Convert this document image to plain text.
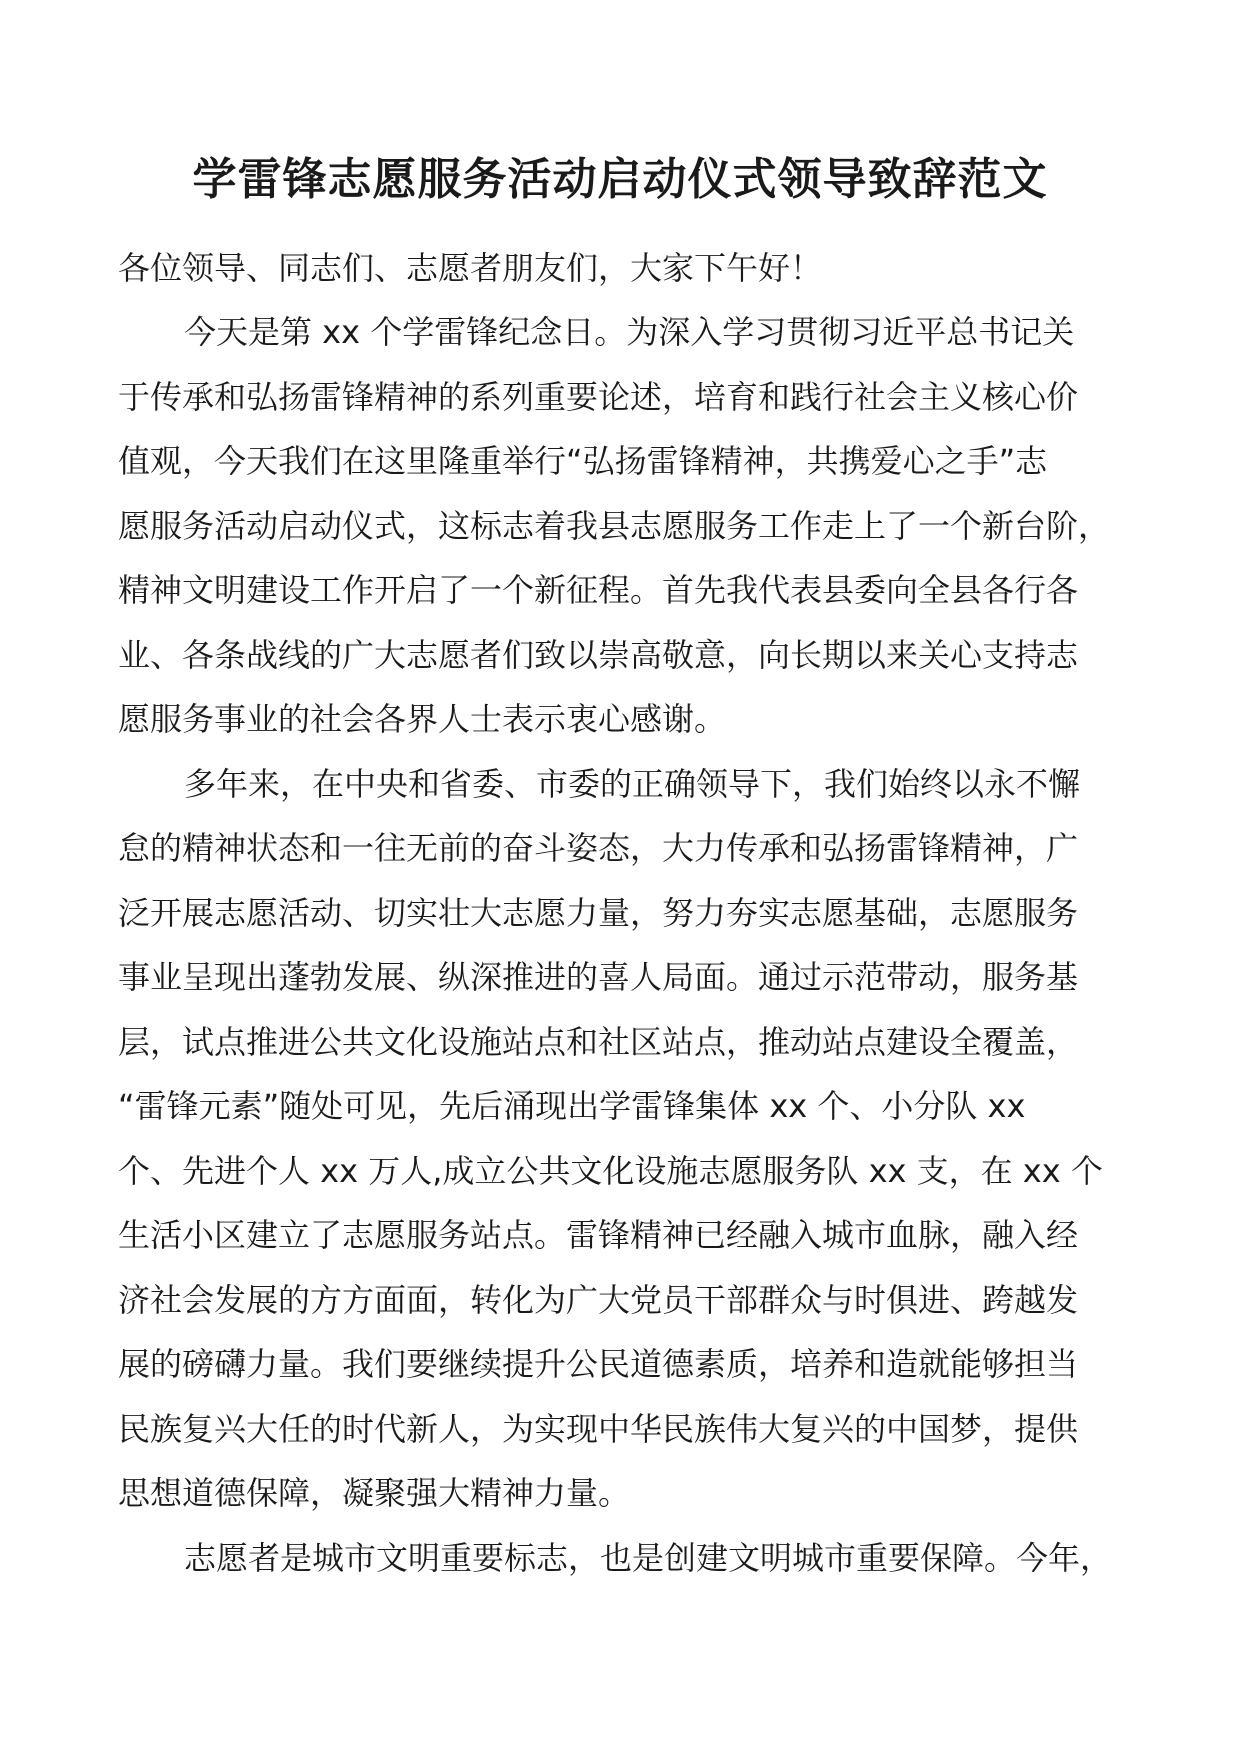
学雷锋志愿服务活动启动仪式领导致辞范文

各位领导、同志们、志愿者朋友们，大家下午好！

今天是第 xx 个学雷锋纪念日。为深入学习贯彻习近平总书记关
于传承和弘扬雷锋精神的系列重要论述，培育和践行社会主义核心价
值观，今天我们在这里隆重举行“弘扬雷锋精神，共携爱心之手”志
愿服务活动启动仪式，这标志着我县志愿服务工作走上了一个新台阶，
精神文明建设工作开启了一个新征程。首先我代表县委向全县各行各
业、各条战线的广大志愿者们致以崇高敬意，向长期以来关心支持志
愿服务事业的社会各界人士表示衷心感谢。

多年来，在中央和省委、市委的正确领导下，我们始终以永不懈
怠的精神状态和一往无前的奋斗姿态，大力传承和弘扬雷锋精神，广
泛开展志愿活动、切实壮大志愿力量，努力夯实志愿基础，志愿服务
事业呈现出蓬勃发展、纵深推进的喜人局面。通过示范带动，服务基
层，试点推进公共文化设施站点和社区站点，推动站点建设全覆盖，
“雷锋元素”随处可见，先后涌现出学雷锋集体 xx 个、小分队 xx
个、先进个人 xx 万人,成立公共文化设施志愿服务队 xx 支，在 xx 个
生活小区建立了志愿服务站点。雷锋精神已经融入城市血脉，融入经
济社会发展的方方面面，转化为广大党员干部群众与时俱进、跨越发
展的磅礴力量。我们要继续提升公民道德素质，培养和造就能够担当
民族复兴大任的时代新人，为实现中华民族伟大复兴的中国梦，提供
思想道德保障，凝聚强大精神力量。

志愿者是城市文明重要标志，也是创建文明城市重要保障。今年，
